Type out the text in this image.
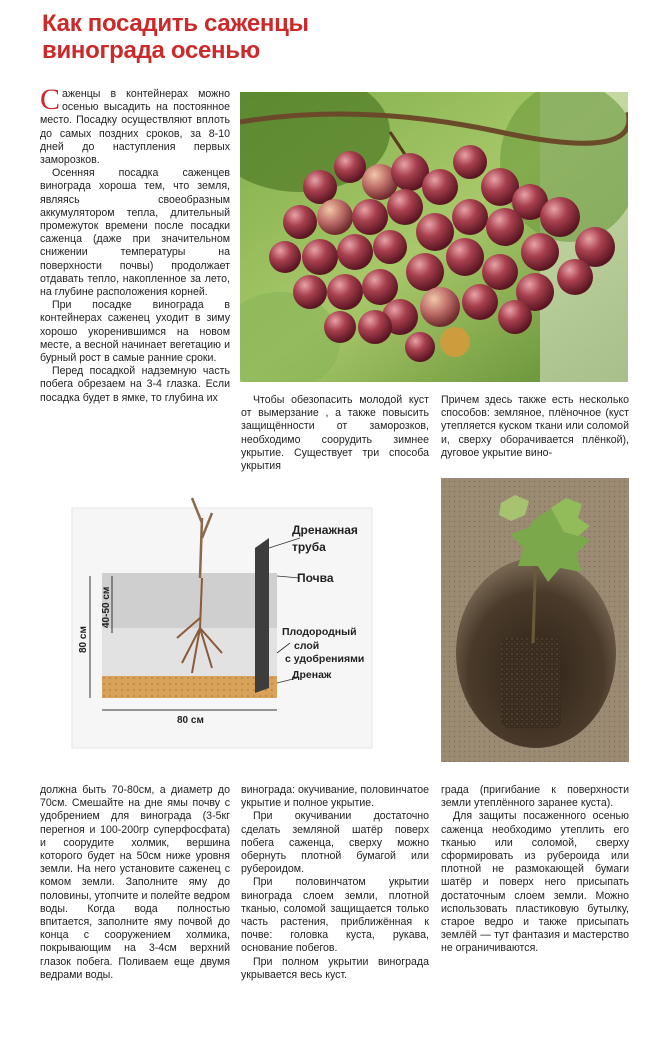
Как посадить саженцы
винограда осенью

Саженцы в контейнерах можно осенью высадить на постоянное место. Посадку осуществляют вплоть до самых поздних сроков, за 8-10 дней до наступления первых заморозков.

Осенняя посадка саженцев винограда хороша тем, что земля, являясь своеобразным аккумулятором тепла, длительный промежуток времени после посадки саженца (даже при значительном снижении температуры на поверхности почвы) продолжает отдавать тепло, накопленное за лето, на глубине расположения корней.

При посадке винограда в контейнерах саженец уходит в зиму хорошо укоренившимся на новом месте, а весной начинает вегетацию и бурный рост в самые ранние сроки.

Перед посадкой надземную часть побега обрезаем на 3-4 глазка. Если посадка будет в ямке, то глубина их	Чтобы обезопасить молодой куст от вымерзание , а также повысить защищённости от заморозков, необходимо соорудить зимнее укрытие. Существует три способа укрытия

Причем здесь также есть несколько способов: земляное, плёночное (куст утепляется куском ткани или соломой и, сверху оборачивается плёнкой), дуговое укрытие вино-

Дренажная
труба
Почва
Плодородный
слой
с удобрениями
Дренаж
40-50 см
80 см
80 см

должна быть 70-80см, а диаметр до 70см. Смешайте на дне ямы почву с удобрением для винограда (3-5кг перегноя и 100-200гр суперфосфата) и соорудите холмик, вершина которого будет на 50см ниже уровня земли. На него установите саженец с комом земли. Заполните яму до половины, утопчите и полейте ведром воды. Когда вода полностью впитается, заполните яму почвой до конца с сооружением холмика, покрывающим на 3-4см верхний глазок побега. Поливаем еще двумя ведрами воды.

винограда: окучивание, половинчатое укрытие и полное укрытие.

При окучивании достаточно сделать земляной шатёр поверх побега саженца, сверху можно обернуть плотной бумагой или рубероидом.

При половинчатом укрытии винограда слоем земли, плотной тканью, соломой защищается только часть растения, приближённая к почве: головка куста, рукава, основание побегов.

При полном укрытии винограда укрывается весь куст.

града (пригибание к поверхности земли утеплённого заранее куста).

Для защиты посаженного осенью саженца необходимо утеплить его тканью или соломой, сверху сформировать из рубероида или плотной не размокающей бумаги шатёр и поверх него присыпать достаточным слоем земли. Можно использовать пластиковую бутылку, старое ведро и также присыпать землёй — тут фантазия и мастерство не ограничиваются.
